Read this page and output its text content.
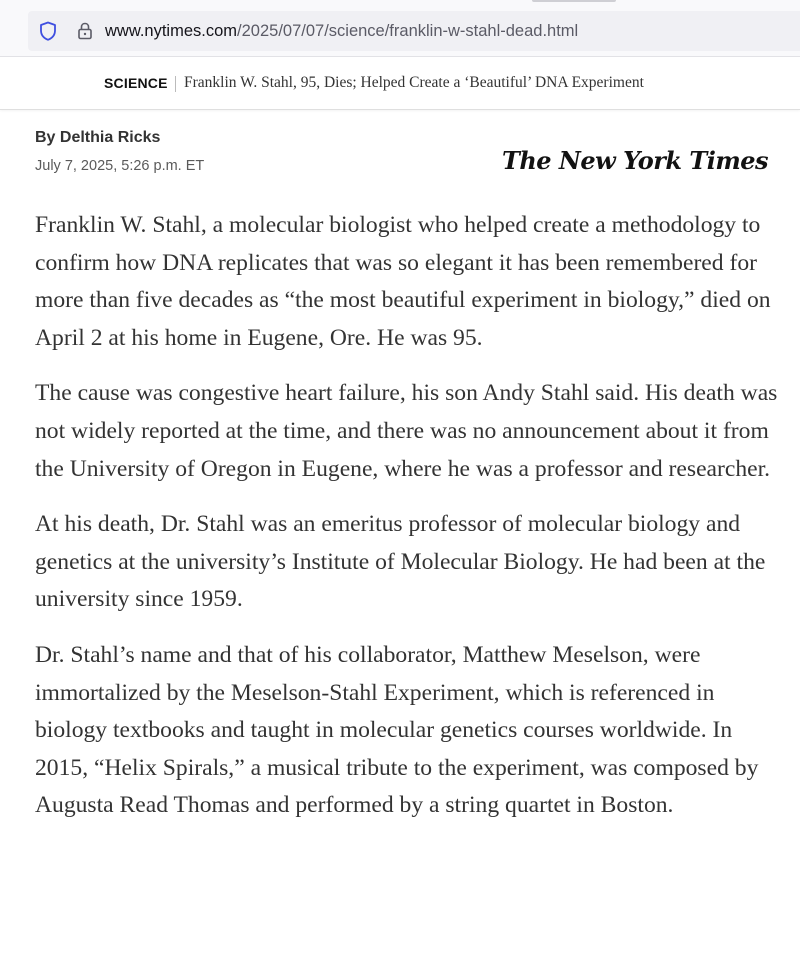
www.nytimes.com/2025/07/07/science/franklin-w-stahl-dead.html
SCIENCE Franklin W. Stahl, 95, Dies; Helped Create a ‘Beautiful’ DNA Experiment
By Delthia Ricks
July 7, 2025, 5:26 p.m. ET	The New York Times

Franklin W. Stahl, a molecular biologist who helped create a methodology to confirm how DNA replicates that was so elegant it has been remembered for more than five decades as “the most beautiful experiment in biology,” died on April 2 at his home in Eugene, Ore. He was 95.

The cause was congestive heart failure, his son Andy Stahl said. His death was not widely reported at the time, and there was no announcement about it from the University of Oregon in Eugene, where he was a professor and researcher.

At his death, Dr. Stahl was an emeritus professor of molecular biology and genetics at the university’s Institute of Molecular Biology. He had been at the university since 1959.

Dr. Stahl’s name and that of his collaborator, Matthew Meselson, were immortalized by the Meselson-Stahl Experiment, which is referenced in biology textbooks and taught in molecular genetics courses worldwide. In 2015, “Helix Spirals,” a musical tribute to the experiment, was composed by Augusta Read Thomas and performed by a string quartet in Boston.
